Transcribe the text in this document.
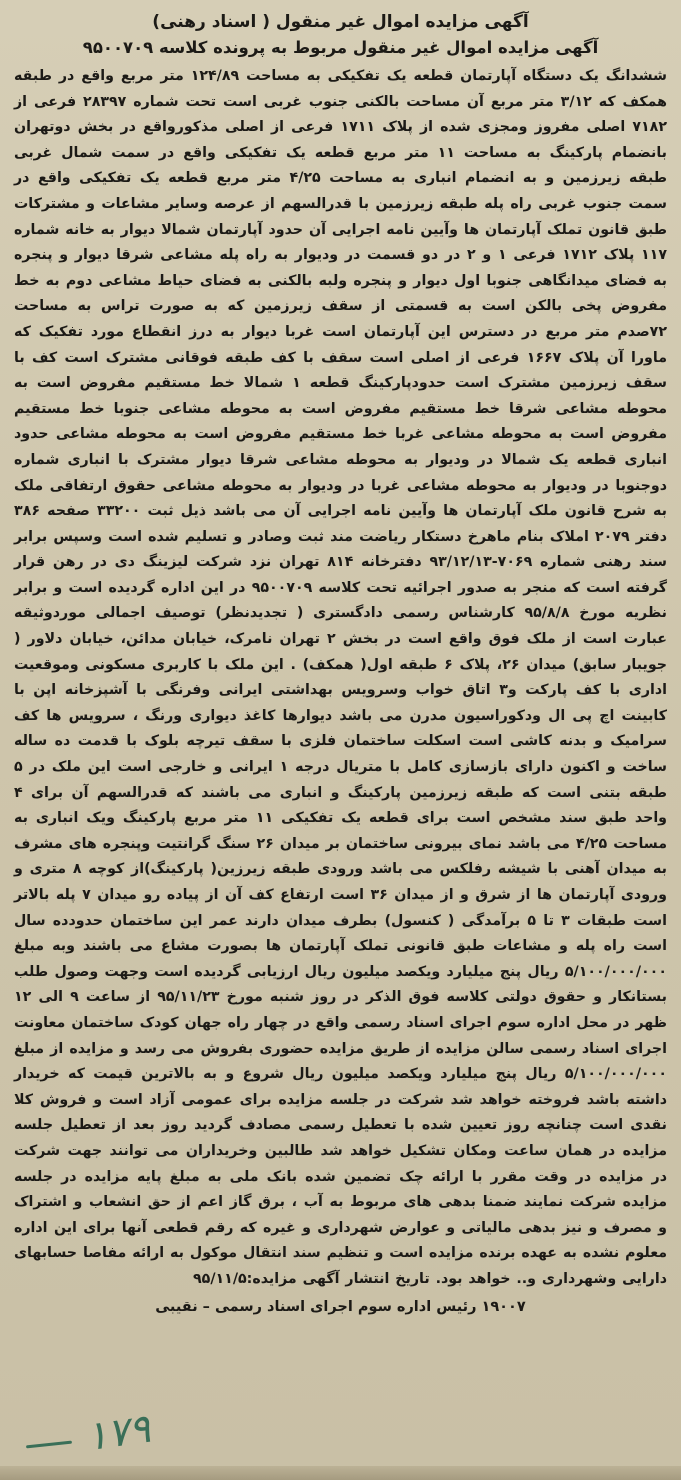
آگهی مزایده اموال غیر منقول ( اسناد رهنی)
آگهی مزایده اموال غیر منقول مربوط به پرونده کلاسه ۹۵۰۰۷۰۹

ششدانگ یک دستگاه آپارتمان قطعه یک تفکیکی به مساحت ۱۲۴/۸۹ متر مربع واقع در طبقه همکف که ۳/۱۲ متر مربع آن مساحت بالکنی جنوب غربی است تحت شماره ۲۸۳۹۷ فرعی از ۷۱۸۲ اصلی مفروز ومجزی شده از پلاک ۱۷۱۱ فرعی از اصلی مذکورواقع در بخش دوتهران بانضمام پارکینگ به مساحت ۱۱ متر مربع قطعه یک تفکیکی واقع در سمت شمال غربی طبقه زیرزمین و به انضمام انباری به مساحت ۴/۲۵ متر مربع قطعه یک تفکیکی واقع در سمت جنوب غربی راه پله طبقه زیرزمین با قدرالسهم از عرصه وسایر مشاعات و مشترکات طبق قانون تملک آپارتمان ها وآیین نامه اجرایی آن حدود آپارتمان شمالا دیوار به خانه شماره ۱۱۷ پلاک ۱۷۱۲ فرعی ۱ و ۲ در دو قسمت در ودیوار به راه پله مشاعی شرقا دیوار و پنجره به فضای میدانگاهی جنوبا اول دیوار و پنجره ولبه بالکنی به فضای حیاط مشاعی دوم به خط مفروض پخی بالکن است به قسمتی از سقف زیرزمین که به صورت تراس به مساحت ۷۲صدم متر مربع در دسترس این آپارتمان است غربا دیوار به درز انقطاع مورد تفکیک که ماورا آن پلاک ۱۶۶۷ فرعی از اصلی است سقف با کف طبقه فوقانی مشترک است کف با سقف زیرزمین مشترک است حدودپارکینگ قطعه ۱ شمالا خط مستقیم مفروض است به محوطه مشاعی شرقا خط مستقیم مفروض است به محوطه مشاعی جنوبا خط مستقیم مفروض است به محوطه مشاعی غربا خط مستقیم مفروض است به محوطه مشاعی حدود انباری قطعه یک شمالا در ودیوار به محوطه مشاعی شرقا دیوار مشترک با انباری شماره دوجنوبا در ودیوار به محوطه مشاعی غربا در ودیوار به محوطه مشاعی حقوق ارتفاقی ملک به شرح قانون ملک آپارتمان ها وآیین نامه اجرایی آن می باشد ذیل ثبت ۳۳۲۰۰ صفحه ۳۸۶ دفتر ۲۰۷۹ املاک بنام ماهرخ دستکار ریاضت مند ثبت وصادر و تسلیم شده است وسپس برابر سند رهنی شماره ۷۰۶۹-۹۳/۱۲/۱۳ دفترخانه ۸۱۴ تهران نزد شرکت لیزینگ دی در رهن قرار گرفته است که منجر به صدور اجرائیه تحت کلاسه ۹۵۰۰۷۰۹ در این اداره گردیده است و برابر نظریه مورخ ۹۵/۸/۸ کارشناس رسمی دادگستری ( تجدیدنظر) توصیف اجمالی موردوثیقه عبارت است از ملک فوق واقع است در بخش ۲ تهران نامرک، خیابان مدائن، خیابان دلاور ( جویبار سابق) میدان ۲۶، پلاک ۶ طبقه اول( همکف) . این ملک با کاربری مسکونی وموقعیت اداری با کف پارکت و۳ اتاق خواب وسرویس بهداشتی ایرانی وفرنگی با آشپزخانه اپن با کابینت اچ پی ال ودکوراسیون مدرن می باشد دیوارها کاغذ دیواری ورنگ ، سرویس ها کف سرامیک و بدنه کاشی است اسکلت ساختمان فلزی با سقف تیرچه بلوک با قدمت ده ساله ساخت و اکنون دارای بازسازی کامل با متریال درجه ۱ ایرانی و خارجی است این ملک در ۵ طبقه بتنی است که طبقه زیرزمین پارکینگ و انباری می باشند که قدرالسهم آن برای ۴ واحد طبق سند مشخص است برای قطعه یک تفکیکی ۱۱ متر مربع پارکینگ ویک انباری به مساحت ۴/۲۵ می باشد نمای بیرونی ساختمان بر میدان ۲۶ سنگ گرانتیت وپنجره های مشرف به میدان آهنی با شیشه رفلکس می باشد ورودی طبقه زیرزین( پارکینگ)از کوچه ۸ متری و ورودی آپارتمان ها از شرق و از میدان ۳۶ است ارتفاع کف آن از پیاده رو میدان ۷ پله بالاتر است طبقات ۳ تا ۵ برآمدگی ( کنسول) بطرف میدان دارند عمر این ساختمان حدودده سال است راه پله و مشاعات طبق قانونی تملک آپارتمان ها بصورت مشاع می باشند وبه مبلغ ۵/۱۰۰/۰۰۰/۰۰۰ ریال پنج میلیارد ویکصد میلیون ریال ارزیابی گردیده است وجهت وصول طلب بستانکار و حقوق دولتی کلاسه فوق الذکر در روز شنبه مورخ ۹۵/۱۱/۲۳ از ساعت ۹ الی ۱۲ ظهر در محل اداره سوم اجرای اسناد رسمی واقع در چهار راه جهان کودک ساختمان معاونت اجرای اسناد رسمی سالن مزایده از طریق مزایده حضوری بفروش می رسد و مزایده از مبلغ ۵/۱۰۰/۰۰۰/۰۰۰ ریال پنج میلیارد ویکصد میلیون ریال شروع و به بالاترین قیمت که خریدار داشته باشد فروخته خواهد شد شرکت در جلسه مزایده برای عمومی آزاد است و فروش کلا نقدی است چنانچه روز تعیین شده با تعطیل رسمی مصادف گردید روز بعد از تعطیل جلسه مزایده در همان ساعت ومکان تشکیل خواهد شد طالبین وخریداران می توانند جهت شرکت در مزایده در وقت مقرر با ارائه چک تضمین شده بانک ملی به مبلغ پایه مزایده در جلسه مزایده شرکت نمایند ضمنا بدهی های مربوط به آب ، برق گاز اعم از حق انشعاب و اشتراک و مصرف و نیز بدهی مالیاتی و عوارض شهرداری و غیره که رقم قطعی آنها برای این اداره معلوم نشده به عهده برنده مزایده است و تنظیم سند انتقال موکول به ارائه مفاصا حسابهای دارایی وشهرداری و.. خواهد بود. تاریخ انتشار آگهی مزایده:۹۵/۱۱/۵

۱۹۰۰۷ رئیس اداره سوم اجرای اسناد رسمی – نقیبی
۱۷۹
